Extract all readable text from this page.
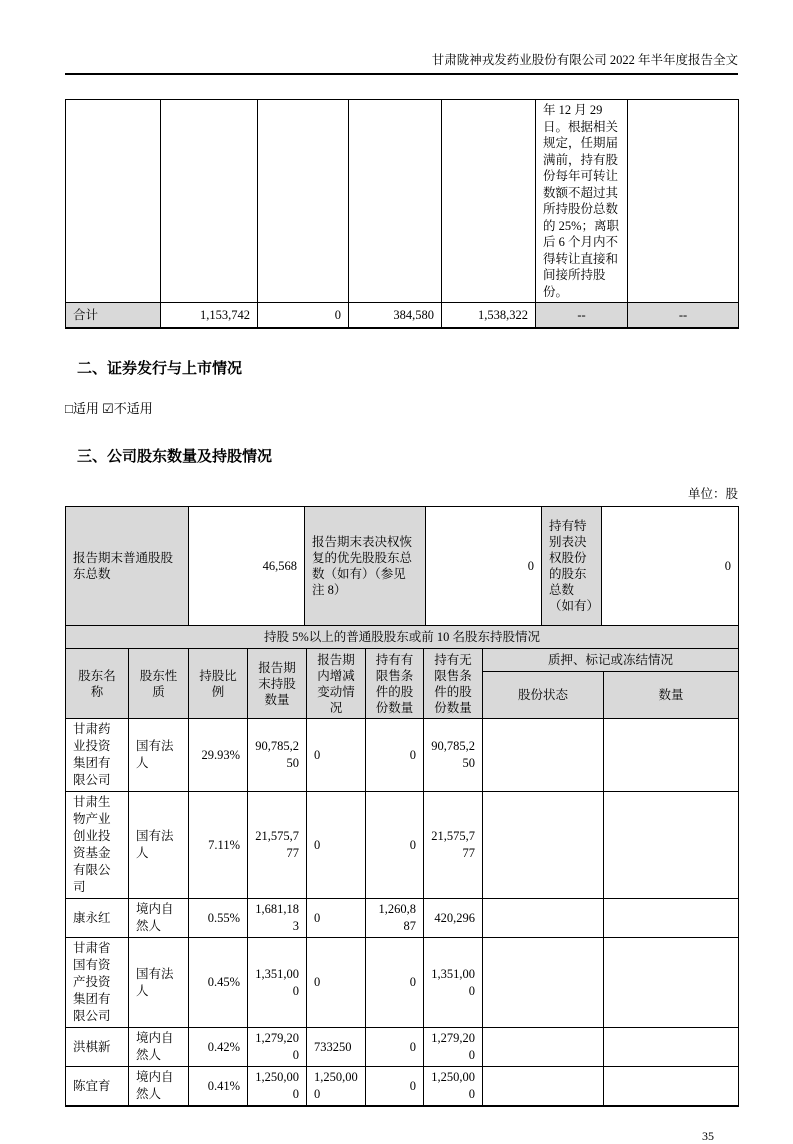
甘肃陇神戎发药业股份有限公司 2022 年半年度报告全文
					年 12 月 29 日。根据相关规定，任期届满前，持有股份每年可转让数额不超过其所持股份总数的 25%；离职后 6 个月内不得转让直接和间接所持股份。	
合计	1,153,742	0	384,580	1,538,322	--	--
二、证券发行与上市情况
□适用 ☑不适用
三、公司股东数量及持股情况
单位：股
报告期末普通股股东总数	46,568	报告期末表决权恢复的优先股股东总数（如有）（参见注 8）	0	持有特别表决权股份的股东总数（如有）	0
持股 5%以上的普通股股东或前 10 名股东持股情况								
股东名称	股东性质	持股比例	报告期末持股数量	报告期内增减变动情况	持有有限售条件的股份数量	持有无限售条件的股份数量	质押、标记或冻结情况	
							股份状态	数量
甘肃药业投资集团有限公司	国有法人	29.93%	90,785,250	0	0	90,785,250		
甘肃生物产业创业投资基金有限公司	国有法人	7.11%	21,575,777	0	0	21,575,777		
康永红	境内自然人	0.55%	1,681,183	0	1,260,887	420,296		
甘肃省国有资产投资集团有限公司	国有法人	0.45%	1,351,000	0	0	1,351,000		
洪棋新	境内自然人	0.42%	1,279,200	733250	0	1,279,200		
陈宜育	境内自然人	0.41%	1,250,000	1,250,000	0	1,250,000		
35
